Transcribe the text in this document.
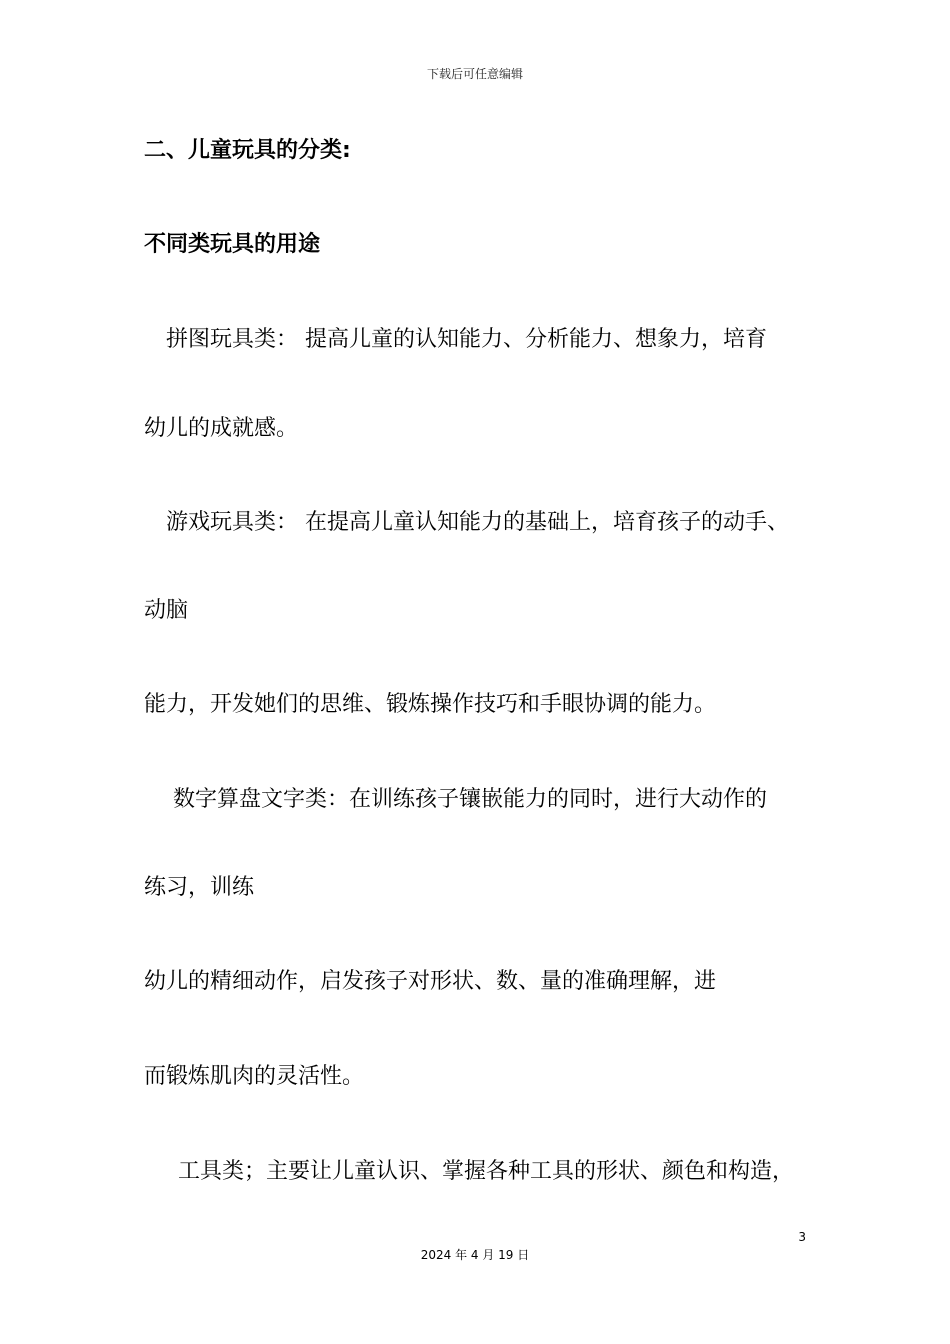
下载后可任意编辑
二、儿童玩具的分类:
不同类玩具的用途
拼图玩具类： 提高儿童的认知能力、分析能力、想象力，培育
幼儿的成就感。
游戏玩具类： 在提高儿童认知能力的基础上，培育孩子的动手、
动脑
能力，开发她们的思维、锻炼操作技巧和手眼协调的能力。
数字算盘文字类：在训练孩子镶嵌能力的同时，进行大动作的
练习，训练
幼儿的精细动作，启发孩子对形状、数、量的准确理解，进
而锻炼肌肉的灵活性。
工具类；主要让儿童认识、掌握各种工具的形状、颜色和构造，
3
2024 年 4 月 19 日
